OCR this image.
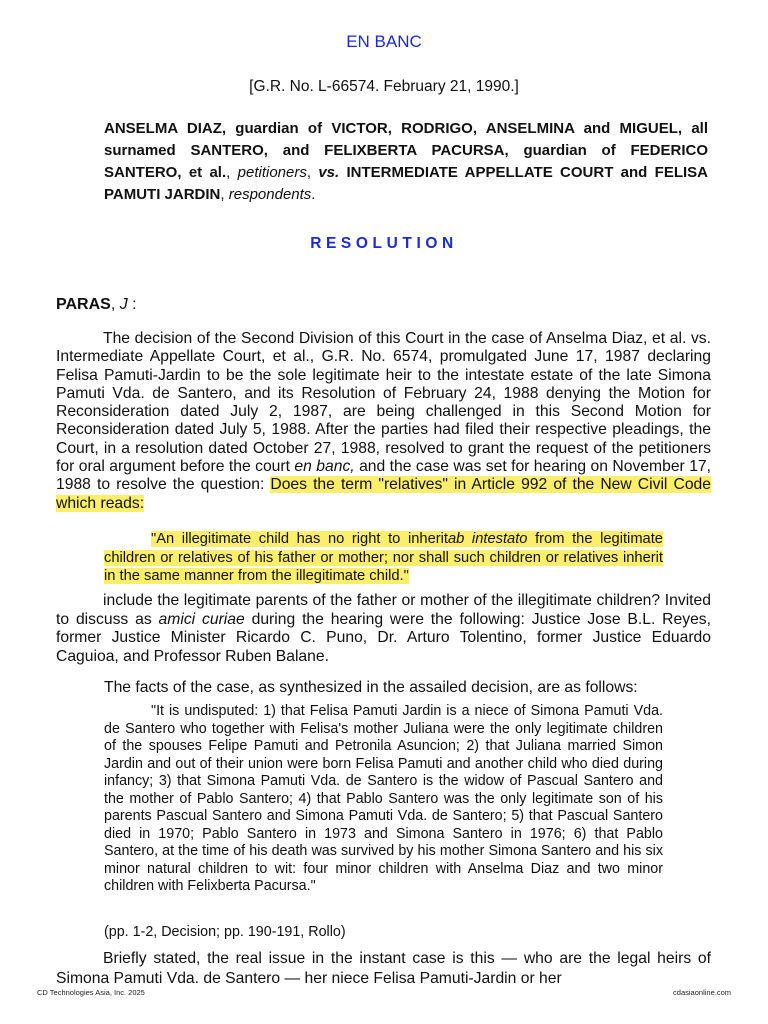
EN BANC
[G.R. No. L-66574. February 21, 1990.]
ANSELMA DIAZ, guardian of VICTOR, RODRIGO, ANSELMINA and MIGUEL, all surnamed SANTERO, and FELIXBERTA PACURSA, guardian of FEDERICO SANTERO, et al., petitioners, vs. INTERMEDIATE APPELLATE COURT and FELISA PAMUTI JARDIN, respondents.
RESOLUTION
PARAS, J :
The decision of the Second Division of this Court in the case of Anselma Diaz, et al. vs. Intermediate Appellate Court, et al., G.R. No. 6574, promulgated June 17, 1987 declaring Felisa Pamuti-Jardin to be the sole legitimate heir to the intestate estate of the late Simona Pamuti Vda. de Santero, and its Resolution of February 24, 1988 denying the Motion for Reconsideration dated July 2, 1987, are being challenged in this Second Motion for Reconsideration dated July 5, 1988. After the parties had filed their respective pleadings, the Court, in a resolution dated October 27, 1988, resolved to grant the request of the petitioners for oral argument before the court en banc, and the case was set for hearing on November 17, 1988 to resolve the question: Does the term "relatives" in Article 992 of the New Civil Code which reads:
"An illegitimate child has no right to inheritab intestato from the legitimate children or relatives of his father or mother; nor shall such children or relatives inherit in the same manner from the illegitimate child."
include the legitimate parents of the father or mother of the illegitimate children? Invited to discuss as amici curiae during the hearing were the following: Justice Jose B.L. Reyes, former Justice Minister Ricardo C. Puno, Dr. Arturo Tolentino, former Justice Eduardo Caguioa, and Professor Ruben Balane.
The facts of the case, as synthesized in the assailed decision, are as follows:
"It is undisputed: 1) that Felisa Pamuti Jardin is a niece of Simona Pamuti Vda. de Santero who together with Felisa's mother Juliana were the only legitimate children of the spouses Felipe Pamuti and Petronila Asuncion; 2) that Juliana married Simon Jardin and out of their union were born Felisa Pamuti and another child who died during infancy; 3) that Simona Pamuti Vda. de Santero is the widow of Pascual Santero and the mother of Pablo Santero; 4) that Pablo Santero was the only legitimate son of his parents Pascual Santero and Simona Pamuti Vda. de Santero; 5) that Pascual Santero died in 1970; Pablo Santero in 1973 and Simona Santero in 1976; 6) that Pablo Santero, at the time of his death was survived by his mother Simona Santero and his six minor natural children to wit: four minor children with Anselma Diaz and two minor children with Felixberta Pacursa."
(pp. 1-2, Decision; pp. 190-191, Rollo)
Briefly stated, the real issue in the instant case is this — who are the legal heirs of Simona Pamuti Vda. de Santero — her niece Felisa Pamuti-Jardin or her
CD Technologies Asia, Inc. 2025	cdasiaonline.com
